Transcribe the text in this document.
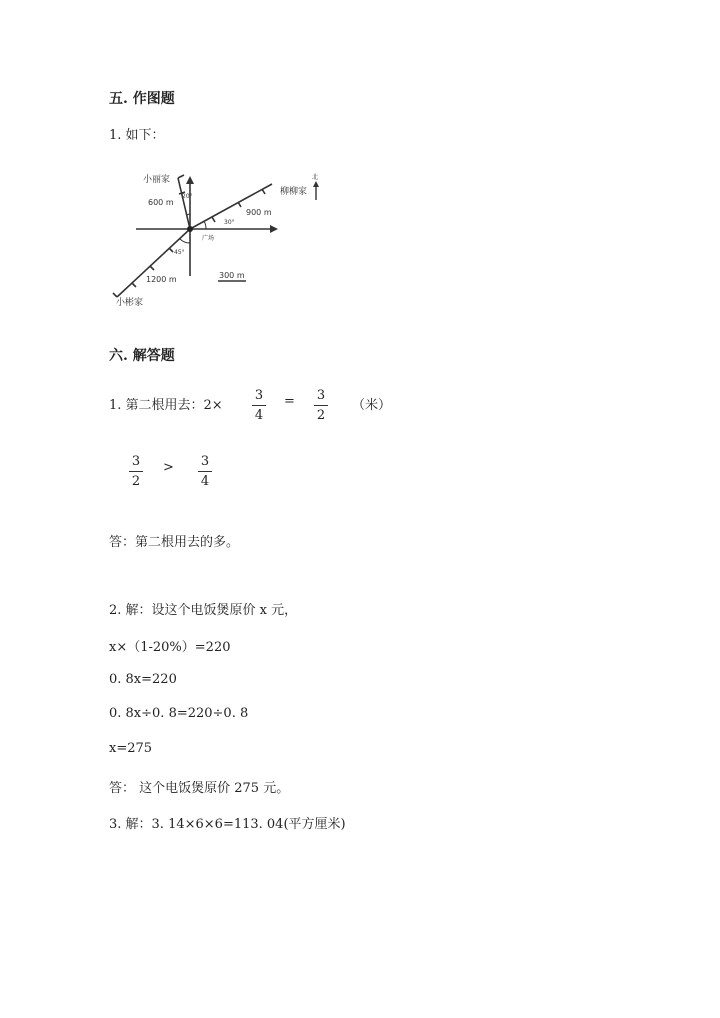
五. 作图题
1. 如下：
小丽家
柳柳家
小彬家
广场
北
600 m
900 m
1200 m
20°
30°
45°
300 m
六. 解答题
1. 第二根用去：2×
3
4
=	3
2
（米）
3
2
>	3
4
答：第二根用去的多。
2. 解：设这个电饭煲原价 x 元，
x×（1-20%）=220
0. 8x=220
0. 8x÷0. 8=220÷0. 8
x=275
答： 这个电饭煲原价 275 元。
3. 解：3. 14×6×6=113. 04(平方厘米)
